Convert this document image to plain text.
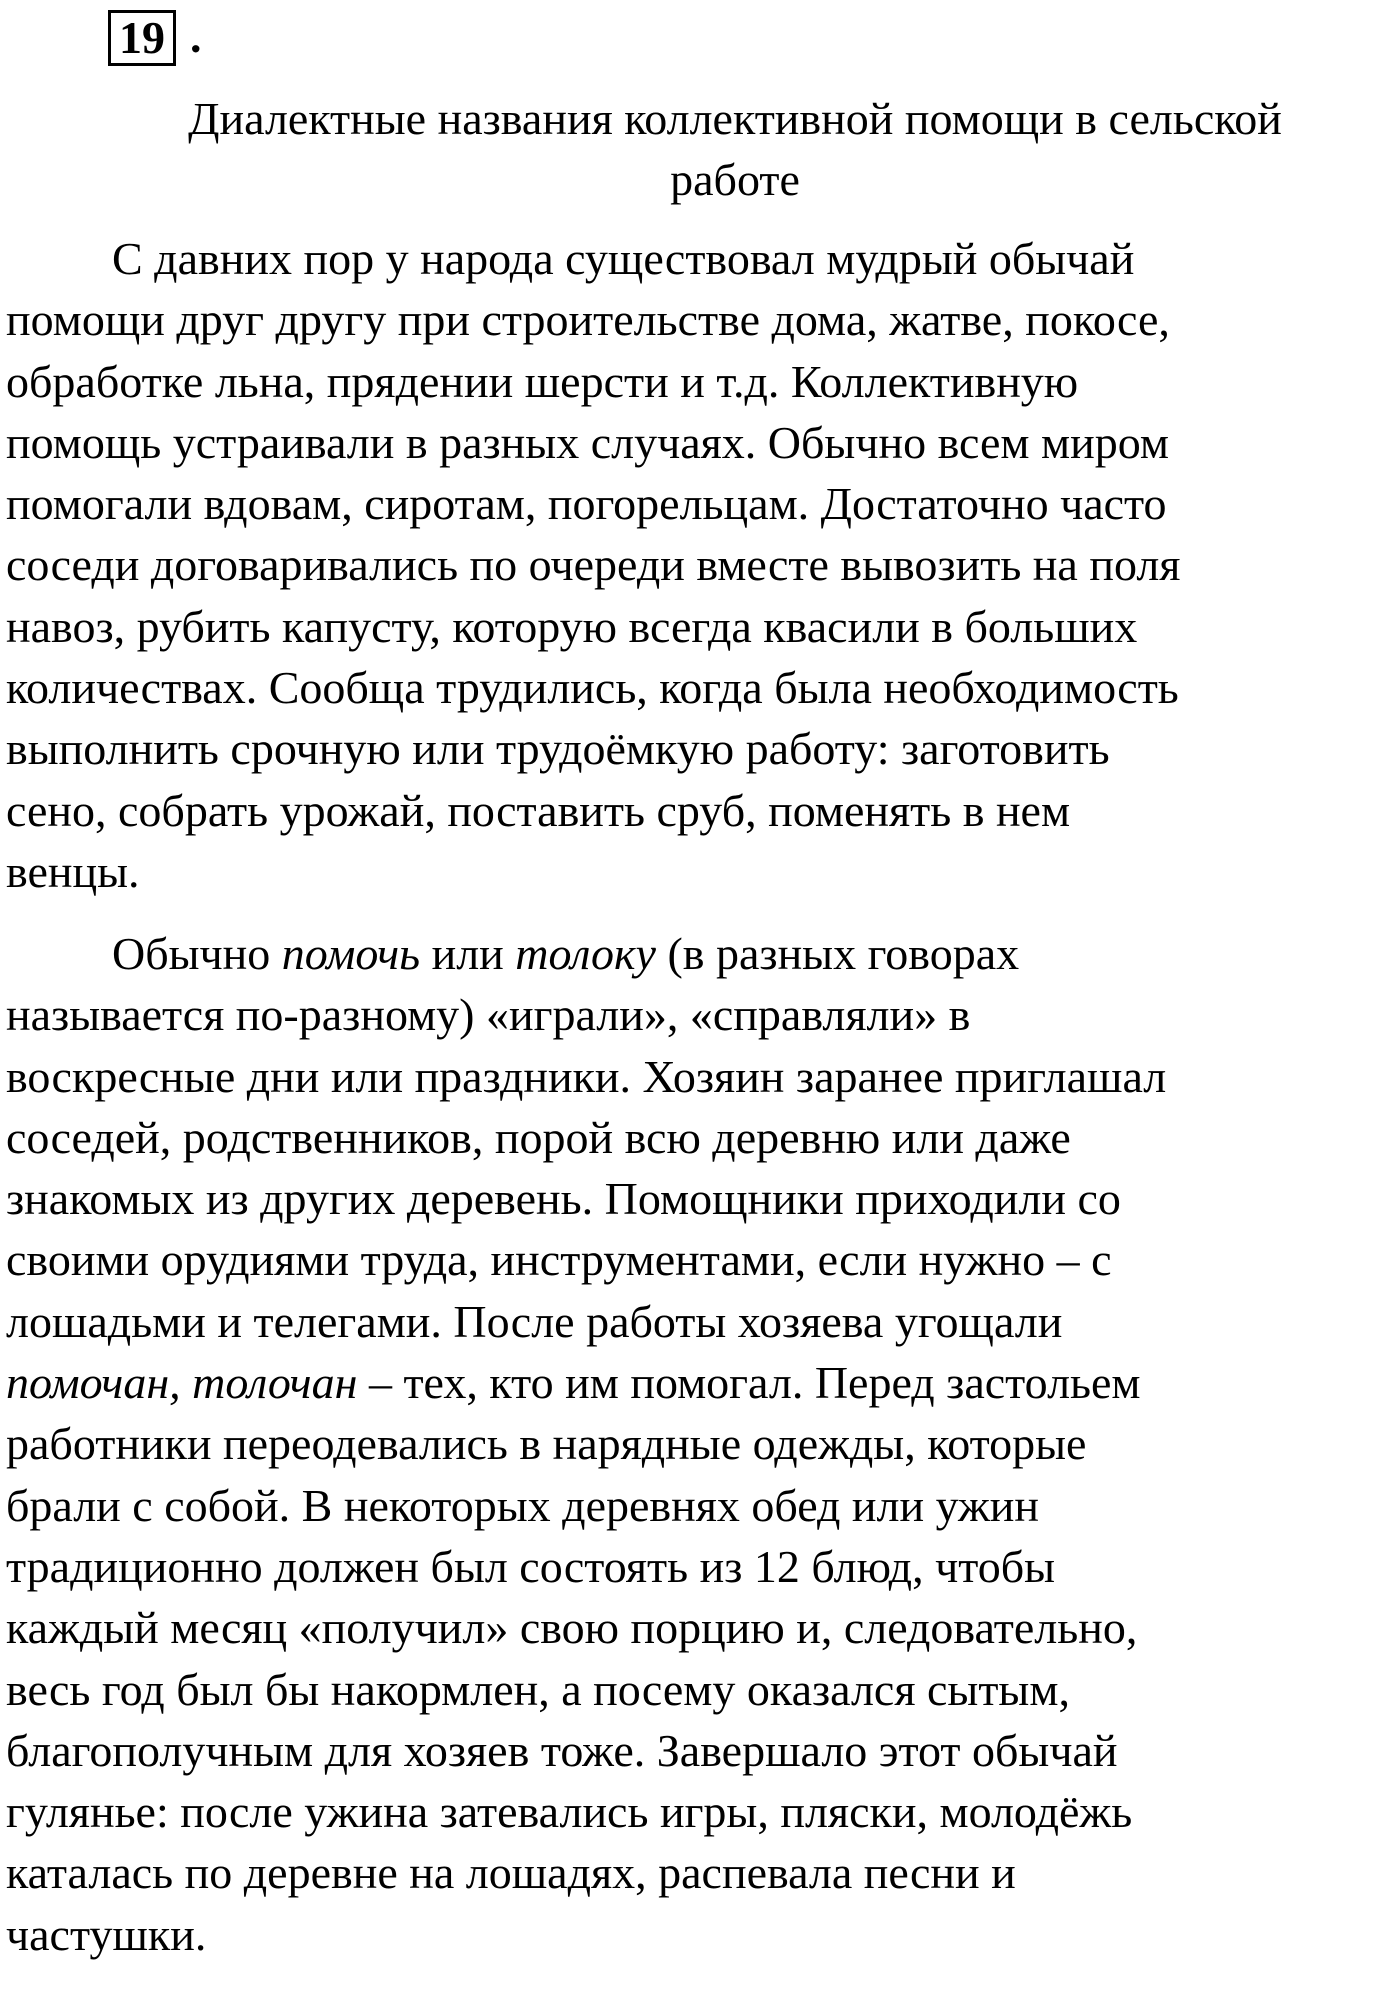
19 .
Диалектные названия коллективной помощи в сельской
работе

С давних пор у народа существовал мудрый обычай
помощи друг другу при строительстве дома, жатве, покосе,
обработке льна, прядении шерсти и т.д. Коллективную
помощь устраивали в разных случаях. Обычно всем миром
помогали вдовам, сиротам, погорельцам. Достаточно часто
соседи договаривались по очереди вместе вывозить на поля
навоз, рубить капусту, которую всегда квасили в больших
количествах. Сообща трудились, когда была необходимость
выполнить срочную или трудоёмкую работу: заготовить
сено, собрать урожай, поставить сруб, поменять в нем
венцы.

Обычно помочь или толоку (в разных говорах
называется по-разному) «играли», «справляли» в
воскресные дни или праздники. Хозяин заранее приглашал
соседей, родственников, порой всю деревню или даже
знакомых из других деревень. Помощники приходили со
своими орудиями труда, инструментами, если нужно – с
лошадьми и телегами. После работы хозяева угощали
помочан, толочан – тех, кто им помогал. Перед застольем
работники переодевались в нарядные одежды, которые
брали с собой. В некоторых деревнях обед или ужин
традиционно должен был состоять из 12 блюд, чтобы
каждый месяц «получил» свою порцию и, следовательно,
весь год был бы накормлен, а посему оказался сытым,
благополучным для хозяев тоже. Завершало этот обычай
гулянье: после ужина затевались игры, пляски, молодёжь
каталась по деревне на лошадях, распевала песни и
частушки.
